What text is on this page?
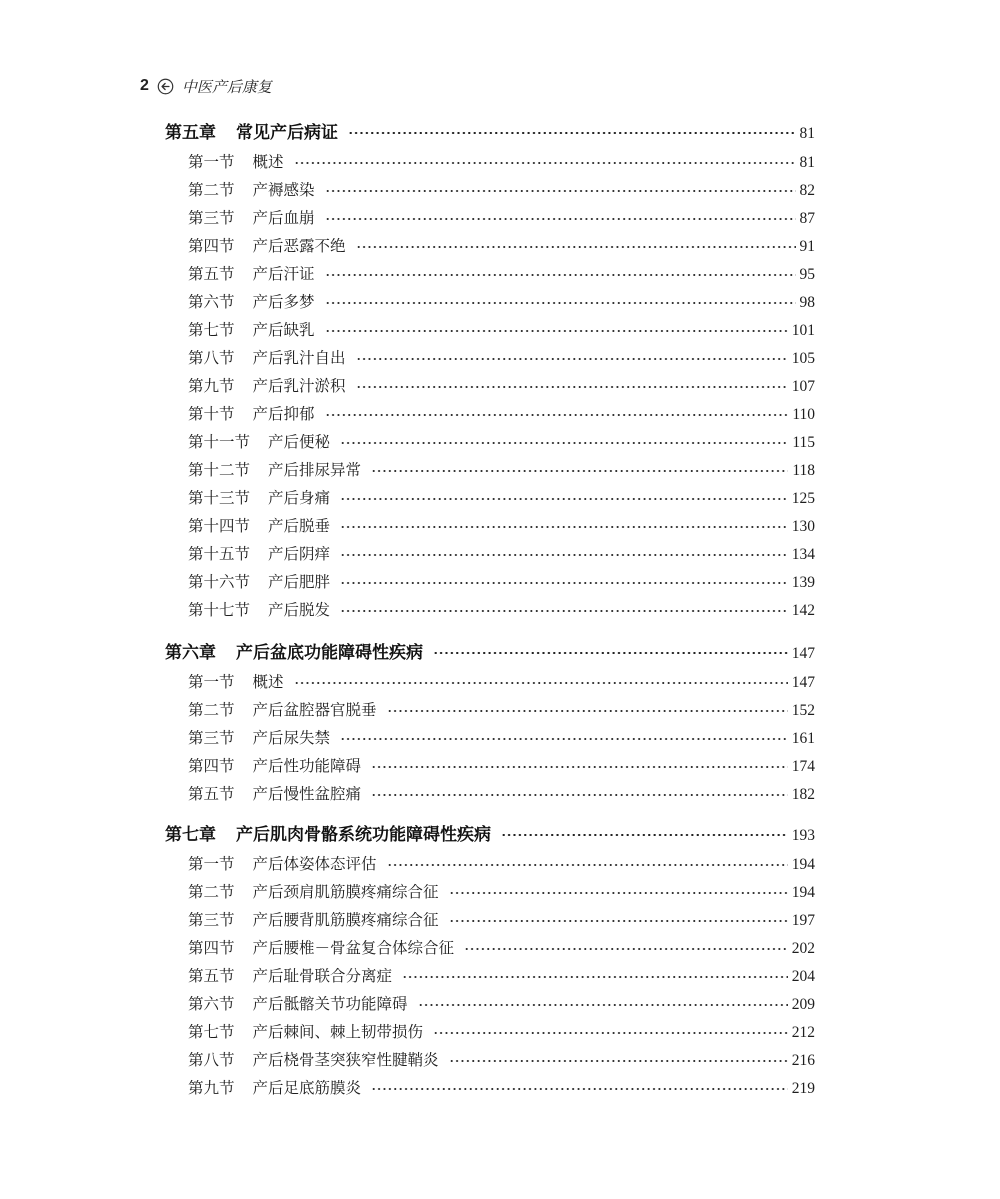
2 中医产后康复
第五章 常见产后病证	81
第一节 概述	81
第二节 产褥感染	82
第三节 产后血崩	87
第四节 产后恶露不绝	91
第五节 产后汗证	95
第六节 产后多梦	98
第七节 产后缺乳	101
第八节 产后乳汁自出	105
第九节 产后乳汁淤积	107
第十节 产后抑郁	110
第十一节 产后便秘	115
第十二节 产后排尿异常	118
第十三节 产后身痛	125
第十四节 产后脱垂	130
第十五节 产后阴痒	134
第十六节 产后肥胖	139
第十七节 产后脱发	142
第六章 产后盆底功能障碍性疾病	147
第一节 概述	147
第二节 产后盆腔器官脱垂	152
第三节 产后尿失禁	161
第四节 产后性功能障碍	174
第五节 产后慢性盆腔痛	182
第七章 产后肌肉骨骼系统功能障碍性疾病	193
第一节 产后体姿体态评估	194
第二节 产后颈肩肌筋膜疼痛综合征	194
第三节 产后腰背肌筋膜疼痛综合征	197
第四节 产后腰椎－骨盆复合体综合征	202
第五节 产后耻骨联合分离症	204
第六节 产后骶髂关节功能障碍	209
第七节 产后棘间、棘上韧带损伤	212
第八节 产后桡骨茎突狭窄性腱鞘炎	216
第九节 产后足底筋膜炎	219
